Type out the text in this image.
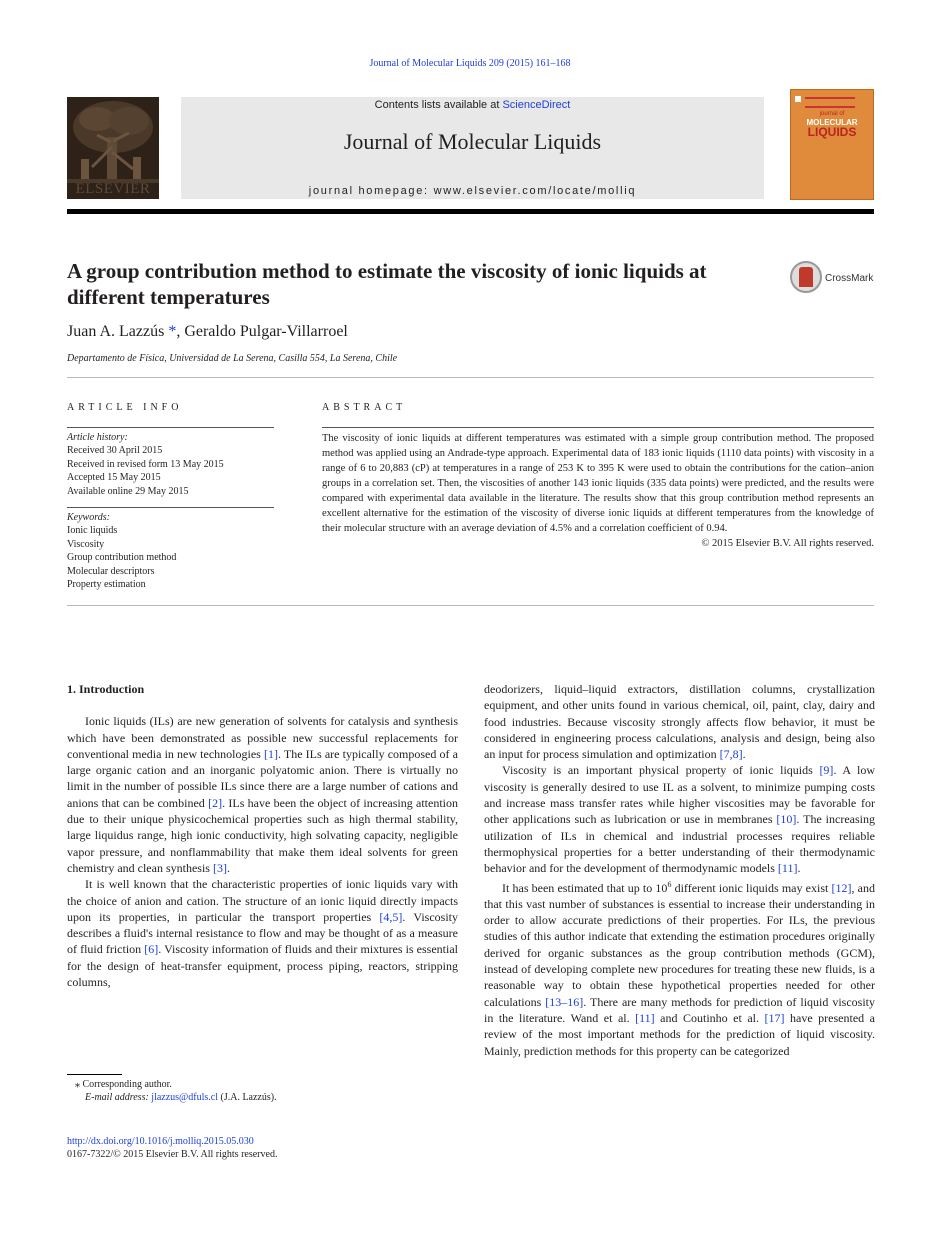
Journal of Molecular Liquids 209 (2015) 161–168
ELSEVIER
Contents lists available at ScienceDirect
Journal of Molecular Liquids
journal homepage: www.elsevier.com/locate/molliq
journal of
MOLECULAR
LIQUIDS
A group contribution method to estimate the viscosity of ionic liquids at different temperatures
CrossMark
Juan A. Lazzús *, Geraldo Pulgar-Villarroel
Departamento de Física, Universidad de La Serena, Casilla 554, La Serena, Chile
ARTICLE INFO	ABSTRACT
Article history:
Received 30 April 2015
Received in revised form 13 May 2015
Accepted 15 May 2015
Available online 29 May 2015
Keywords:
Ionic liquids
Viscosity
Group contribution method
Molecular descriptors
Property estimation
The viscosity of ionic liquids at different temperatures was estimated with a simple group contribution method. The proposed method was applied using an Andrade-type approach. Experimental data of 183 ionic liquids (1110 data points) with viscosity in a range of 6 to 20,883 (cP) at temperatures in a range of 253 K to 395 K were used to obtain the contributions for the cation–anion groups in a correlation set. Then, the viscosities of another 143 ionic liquids (335 data points) were predicted, and the results were compared with experimental data available in the literature. The results show that this group contribution method represents an excellent alternative for the estimation of the viscosity of diverse ionic liquids at different temperatures from the knowledge of their molecular structure with an average deviation of 4.5% and a correlation coefficient of 0.94.
© 2015 Elsevier B.V. All rights reserved.
1. Introduction

Ionic liquids (ILs) are new generation of solvents for catalysis and synthesis which have been demonstrated as possible new successful replacements for conventional media in new technologies [1]. The ILs are typically composed of a large organic cation and an inorganic polyatomic anion. There is virtually no limit in the number of possible ILs since there are a large number of cations and anions that can be combined [2]. ILs have been the object of increasing attention due to their unique physicochemical properties such as high thermal stability, large liquidus range, high ionic conductivity, high solvating capacity, negligible vapor pressure, and nonflammability that make them ideal solvents for green chemistry and clean synthesis [3].

It is well known that the characteristic properties of ionic liquids vary with the choice of anion and cation. The structure of an ionic liquid directly impacts upon its properties, in particular the transport properties [4,5]. Viscosity describes a fluid's internal resistance to flow and may be thought of as a measure of fluid friction [6]. Viscosity information of fluids and their mixtures is essential for the design of heat-transfer equipment, process piping, reactors, stripping columns,

deodorizers, liquid–liquid extractors, distillation columns, crystallization equipment, and other units found in various chemical, oil, paint, clay, dairy and food industries. Because viscosity strongly affects flow behavior, it must be considered in engineering process calculations, analysis and design, being also an input for process simulation and optimization [7,8].

Viscosity is an important physical property of ionic liquids [9]. A low viscosity is generally desired to use IL as a solvent, to minimize pumping costs and increase mass transfer rates while higher viscosities may be favorable for other applications such as lubrication or use in membranes [10]. The increasing utilization of ILs in chemical and industrial processes requires reliable thermophysical properties for a better understanding of their thermodynamic behavior and for the development of thermodynamic models [11].

It has been estimated that up to $10^6$ different ionic liquids may exist [12], and that this vast number of substances is essential to increase their understanding in order to allow accurate predictions of their properties. For ILs, the previous studies of this author indicate that extending the estimation procedures originally derived for organic substances as the group contribution methods (GCM), instead of developing complete new procedures for treating these new fluids, is a reasonable way to obtain these hypothetical properties needed for other calculations [13–16]. There are many methods for prediction of liquid viscosity in the literature. Wand et al. [11] and Coutinho et al. [17] have presented a review of the most important methods for the prediction of liquid viscosity. Mainly, prediction methods for this property can be categorized

⁎ Corresponding author.
E-mail address: jlazzus@dfuls.cl (J.A. Lazzús).
http://dx.doi.org/10.1016/j.molliq.2015.05.030
0167-7322/© 2015 Elsevier B.V. All rights reserved.
